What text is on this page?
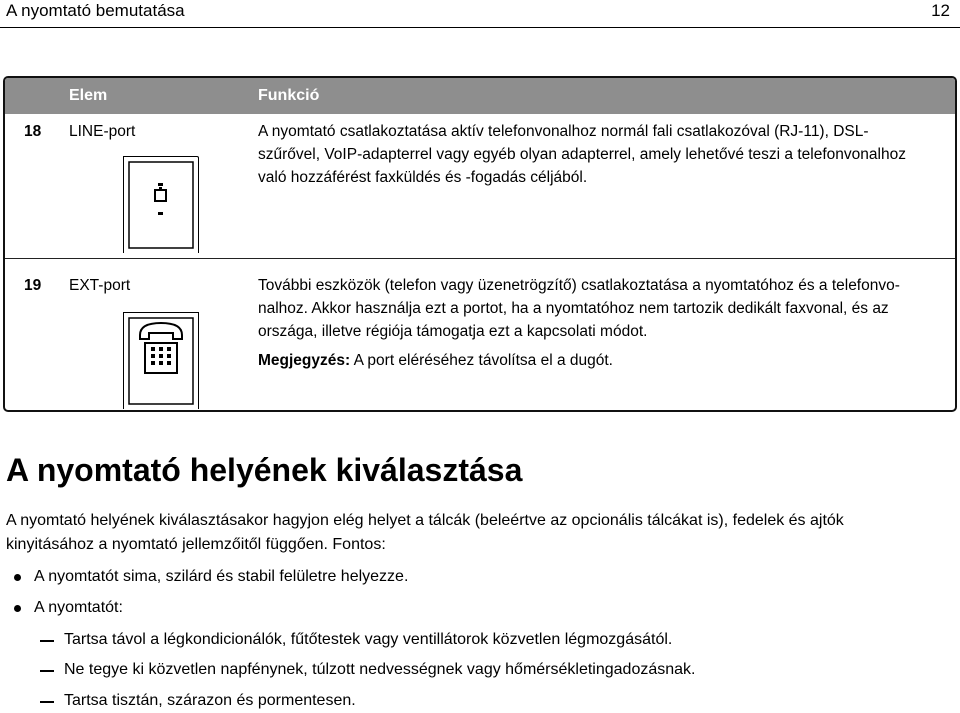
A nyomtató bemutatása	12
Elem	Funkció
18 LINE-port	A nyomtató csatlakoztatása aktív telefonvonalhoz normál fali csatlakozóval (RJ-11), DSL-
szűrővel, VoIP-adapterrel vagy egyéb olyan adapterrel, amely lehetővé teszi a telefonvonalhoz
való hozzáférést faxküldés és -fogadás céljából.
19 EXT-port	További eszközök (telefon vagy üzenetrögzítő) csatlakoztatása a nyomtatóhoz és a telefonvo-
nalhoz. Akkor használja ezt a portot, ha a nyomtatóhoz nem tartozik dedikált faxvonal, és az
országa, illetve régiója támogatja ezt a kapcsolati módot.
Megjegyzés: A port eléréséhez távolítsa el a dugót.
A nyomtató helyének kiválasztása
A nyomtató helyének kiválasztásakor hagyjon elég helyet a tálcák (beleértve az opcionális tálcákat is), fedelek és ajtók
kinyitásához a nyomtató jellemzőitől függően. Fontos:
A nyomtatót sima, szilárd és stabil felületre helyezze.
A nyomtatót:
Tartsa távol a légkondicionálók, fűtőtestek vagy ventillátorok közvetlen légmozgásától.
Ne tegye ki közvetlen napfénynek, túlzott nedvességnek vagy hőmérsékletingadozásnak.
Tartsa tisztán, szárazon és pormentesen.
